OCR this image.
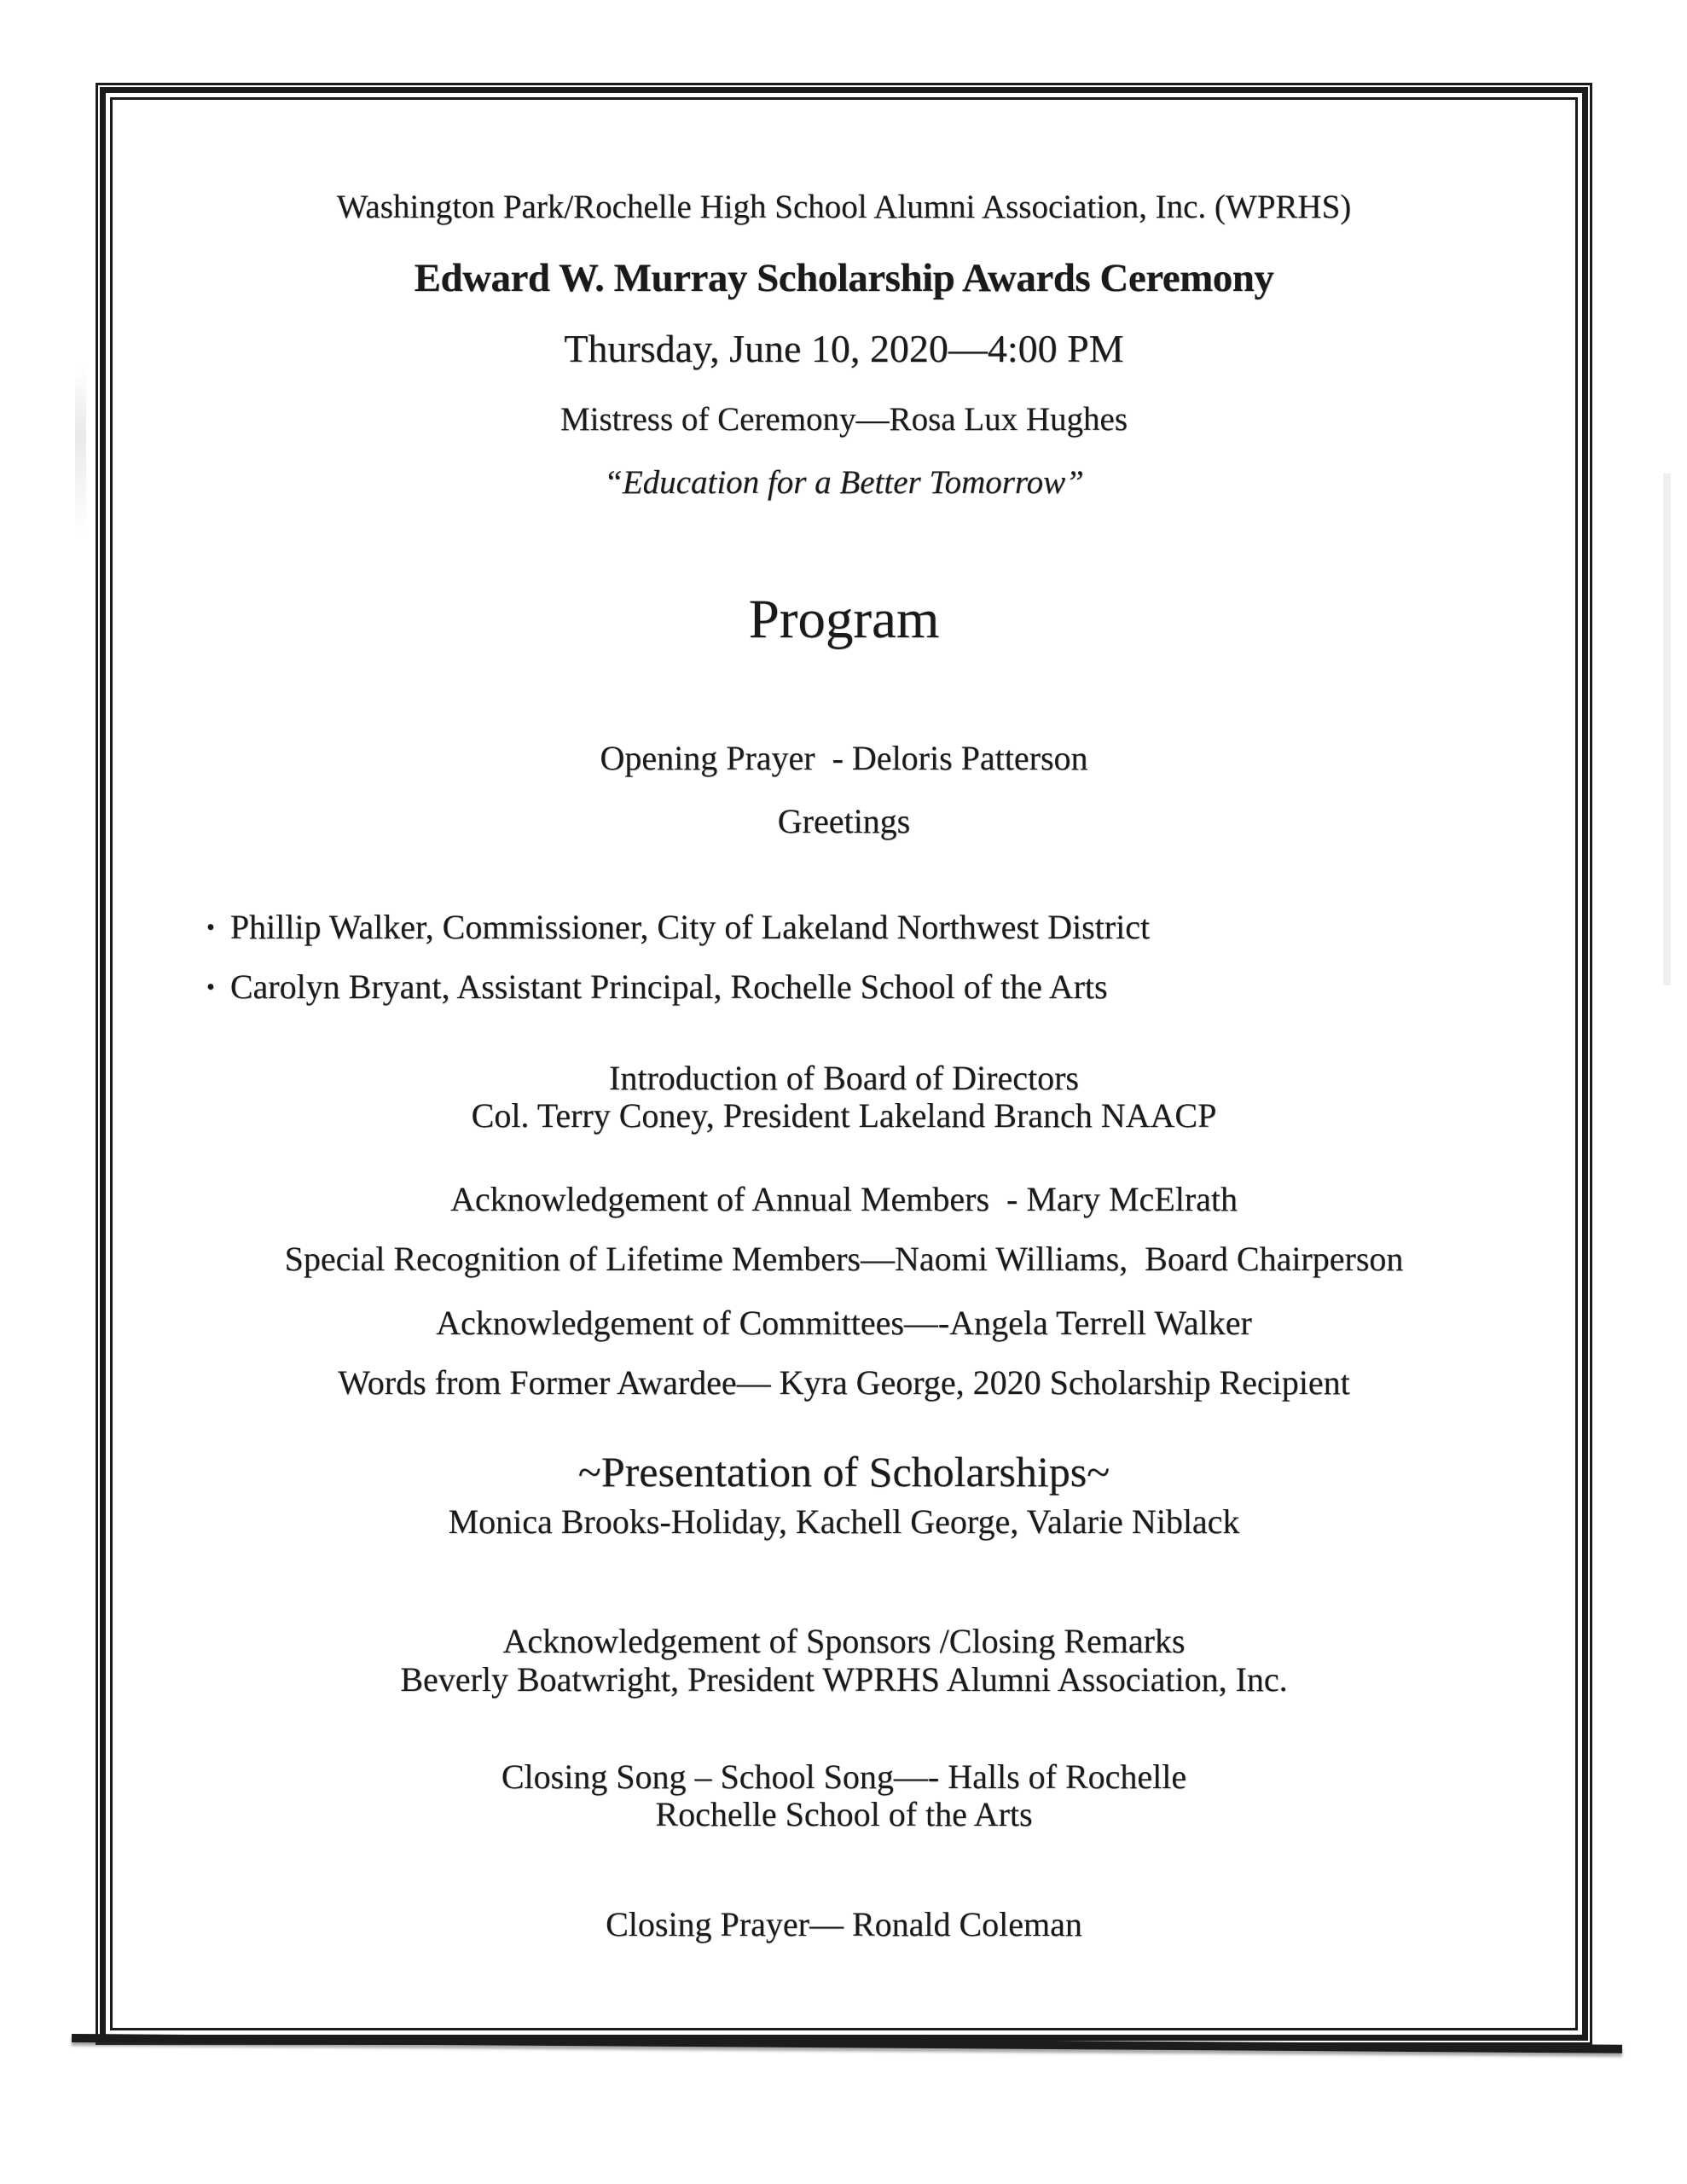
Washington Park/Rochelle High School Alumni Association, Inc. (WPRHS)
Edward W. Murray Scholarship Awards Ceremony
Thursday, June 10, 2020—4:00 PM
Mistress of Ceremony—Rosa Lux Hughes
“Education for a Better Tomorrow”
Program
Opening Prayer  - Deloris Patterson
Greetings

• Phillip Walker, Commissioner, City of Lakeland Northwest District

• Carolyn Bryant, Assistant Principal, Rochelle School of the Arts

Introduction of Board of Directors
Col. Terry Coney, President Lakeland Branch NAACP
Acknowledgement of Annual Members  - Mary McElrath
Special Recognition of Lifetime Members—Naomi Williams,  Board Chairperson
Acknowledgement of Committees—-Angela Terrell Walker
Words from Former Awardee— Kyra George, 2020 Scholarship Recipient
~Presentation of Scholarships~
Monica Brooks-Holiday, Kachell George, Valarie Niblack
Acknowledgement of Sponsors /Closing Remarks
Beverly Boatwright, President WPRHS Alumni Association, Inc.
Closing Song – School Song—- Halls of Rochelle
Rochelle School of the Arts
Closing Prayer— Ronald Coleman
